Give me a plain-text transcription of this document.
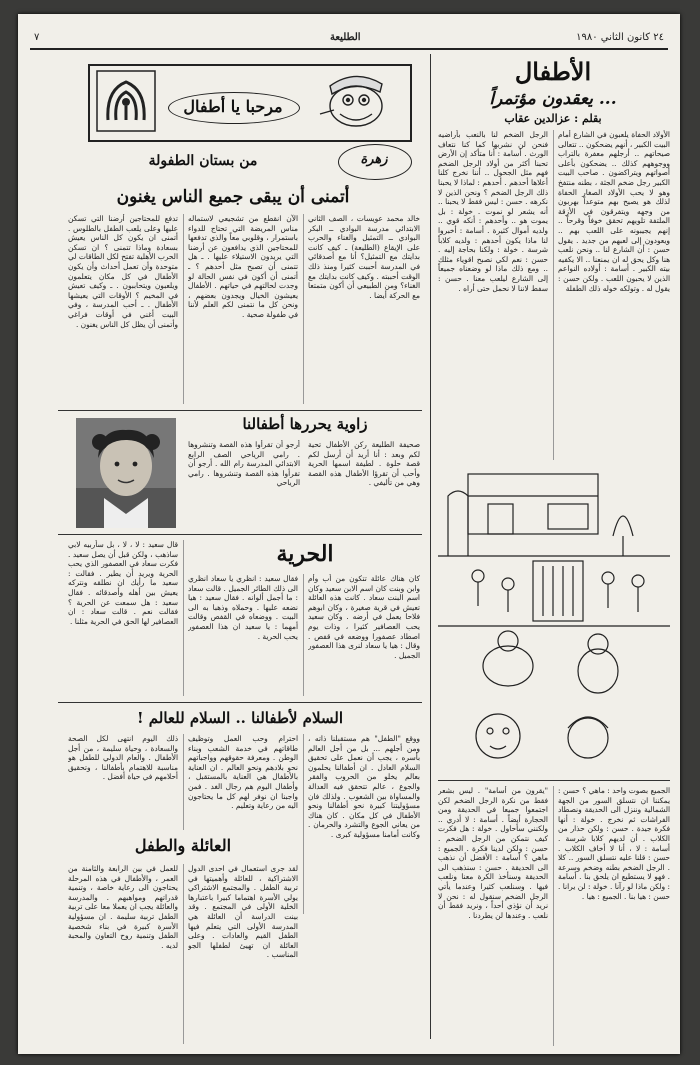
٢٤ كانون الثاني ١٩٨٠
الطليعة
٧
الأطفال
... يعقدون مؤتمراً
بقلم : عزالدين عقاب
الأولاد الحفاة يلعبون في الشارع أمام البيت الكبير ، أنهم يضحكون .. تتعالى صيحاتهم .. أرجلهم معفرة بالتراب ووجوههم كذلك .. يضحكون بأعلى أصواتهم ويتراكضون . صاحب البيت الكبير رجل ضخم الجثة ، بطنه منتفخ وهو لا يحب الأولاد الصغار الحفاة لذلك هو يصيح بهم متوعداً بهربون من وجهه ويتفرقون في الأزقة الملتفة تلويهم تحقق خوفاً وقرحاً .. إنهم يجيبونه على اللعب بهم .. ويعودون إلى لعبهم من جديد . يقول حسن : أن الشارع لنا .. ونحن نلعب هنا وكل يحق له ان يمنعنا .. الا يكفيه بيته الكبير . أسامة : أولاده النواعم الذين لا يحبون اللعب . ولكن حسن : يقول له . وتولكه خوله ذلك الطفلة
الرجل الضخم لنا بالنعب بأراضيه فنحن لن نشربها كما كنا نتعاف الورث . أسامة : أنا متأكد إن الأرض تحبنا أكثر من أولاد الرجل الضخم فهم مثل الجحول .. أننا نخرج كلنا أعلاها أحدهم . أحدهم : لماذا لا يحبنا ذلك الرجل الضخم ؟ ونحن الذين لا نكرهه . حسن : ليس فقط لا يحبنا .. أنه يشعر لو نموت . خولة : بل يموت هو .. وأحدهم : أنكه قوي .. ولديه أموال كثيرة . أسامة : أخبروا لنا ماذا يكون أحدهم : ولديه كلاباً شرسة . خولة : ولكنا بحاجة إليه . حسن : نعم لكي نصبح اقوياء مثلك .. ومع ذلك ماذا لو وضعناه جميعاً إلى الشارع ليلعب معنا . حسن : سفط لاننا لا نحمل حتى أراه .
الجميع بصوت واحد : ماهي ؟ حسن : يمكننا ان نتسلق السور من الجهة الشمالية وننزل الى الحديقة ونصطاد الفراشات ثم نخرج . خولة : أنها فكرة جيدة . حسن : ولكن حذار من الكلاب . أن لديهم كلابا شرسة . أسامة : لا ، أنا لا أخاف الكلاب . حسن : قلنا عليه نتسلق السور .. كلا . الرجل الضخم بطنه وضخم وسرعة . فهو لا يستطيع ان يلحق بنا . أسامة : ولكن ماذا لو رآنا . خولة : لن يرانا . حسن : هيا بنا . الجميع : هيا .
"يقرون من أسامة" . ليس بشعر فقط من نكرة الرجل الضخم لكن اجتمعوا جميعا في الحديقة ومن الحجارة أيضاً . أسامة : لا أدري .. ولكنني سأحاول . خولة : هل فكرت كيف نتمكن من الرجل الضخم . حسن : ولكن لدينا فكرة . الجميع : ماهي ؟ أسامة : الأفضل أن نذهب الى الحديقة . حسن : سنذهب الى الحديقة وسنأخذ الكرة معنا ونلعب فيها . وسنلعب كثيرا وعندما يأتي الرجل الضخم سنقول له : نحن لا نريد أن نؤذي أحداً ، ونريد فقط أن نلعب . وعندها لن يطردنا .
مرحبا يا أطفال
من بستان الطفولة	زهرة
أتمنى أن يبقى جميع الناس يغنون
خالد محمد عويسات ، الصف الثاني الابتدائي مدرسة البوادي ــ البكر البوادي ــ التمثيل والغناء والحرب على الإيقاع (الطليعة) ـ كيف كانت بدايتك مع التمثيل؟ أنا مع أصدقائي في المدرسة أحببت كثيرا ومنذ ذلك الوقت أحببته . وكيف كانت بدايتك مع الغناء؟ ومن الطبيعي أن أكون متمتعا مع الحركة أيضا .
الآن انقطع من تشجيعي لاستماله مناس المريضة التي تحتاج للدواء باستمرار ، وقلوبي معاً والذي تدفعها للمحتاجين الذي يدافعون عن أرضنا التي يريدون الاستيلاء عليها . ـ هل تتمنى أن تصبح مثل أحدهم ؟ ـ أتمنى أن أكون في نفس الحالة لو وجدت لحالتهم في حياتهم . الأطفال يعيشون الخيال ويجدون بعضهم ، ونحن كل ما نتمنى لكم العلم لأننا في طفولة صحية .
تدفع للمحتاجين أرضنا التي تسكن عليها وعلى يلعب الطفل بالطلوس . أتمنى ان يكون كل الناس يعيش بسعادة وماذا تتمنى ؟ ان تسكن الحرب الأهلية تفتح لكل الطاقات لي متوحدة وأن تعمل أحداث وأن يكون الأطفال في كل مكان يتعلمون ويلعبون ويتحاببون . ـ وكيف تعيش في المخيم ؟ الأوقات التي يعيشها الأطفال . ـ أحب المدرسة ، وفي البيت أغني في أوقات فراغي وأتمنى أن يظل كل الناس يغنون .
زاوية يحررها أطفالنا
صحيفة الطليعة ركن الأطفال تحية لكم وبعد : أنا أريد أن أرسل لكم قصة حلوة . لطيفة اسمها الحرية وأحب أن تقرؤا الأطفال هذه القصة وهي من تأليفي .
أرجو أن تقرأوا هذه القصة وتنشروها . رامي الرياحي الصف الرابع الابتدائي المدرسة رام الله . أرجو أن تقرأوا هذه القصة وتنشروها . رامي الرياحي
الحرية
كان هناك عائلة تتكون من أب وأم وابن وبنت كان اسم الابن سعيد وكان اسم البنت سعاد . كانت هذه العائلة تعيش في قرية صغيرة ، وكان ابوهم فلاحا يعمل في أرضه . وكان سعيد يحب العصافير كثيرا ، وذات يوم اصطاد عصفورا ووضعه في قفص . وقال : هيا يا سعاد لنرى هذا العصفور الجميل .
فقال سعيد : انظري يا سعاد انظري الى ذلك الطائر الجميل . قالت سعاد : ما أجمل ألوانه . فقال سعيد : هيا نضعه عليها . وحملاه وذهبا به الى البيت . ووضعاه في القفص وقالت أمهما : يا سعيد ان هذا العصفور يحب الحرية .
قال سعيد : لا ، لا ، بل سأربيه لابي ساذهب ، ولكن قبل أن يصل سعيد . فكرت سعاد في العصفور الذي يحب الحرية ويريد أن يطير . فقالت : سعيد ما رأيك ان نطلقه ونتركه يعيش بين أهله وأصدقائه . فقال سعيد : هل سمعت عن الحرية ؟ فقالت نعم . قالت سعاد : ان العصافير لها الحق في الحرية مثلنا .
السلام لأطفالنا .. السلام للعالم !
ووقع "الطفل" هم مستقبلنا ذاته ، ومن أجلهم ... بل من أجل العالم بأسره ، يجب أن نعمل على تحقيق السلام العادل . ان أطفالنا يحلمون بعالم يخلو من الحروب والفقر والجوع ، عالم تتحقق فيه العدالة والمساواة بين الشعوب . ولذلك فان مسؤوليتنا كبيرة نحو أطفالنا ونحو الأطفال في كل مكان . كان هناك من يعاني الجوع والتشرد والحرمان . وكانت أمامنا مسؤولية كبرى .
احترام وحب العمل وتوظيف طاقاتهم في خدمة الشعب وبناء الوطن . ومعرفة حقوقهم وواجباتهم نحو بلادهم ونحو العالم . ان العناية بالأطفال هي العناية بالمستقبل ، وأطفال اليوم هم رجال الغد . فمن واجبنا ان نوفر لهم كل ما يحتاجون اليه من رعاية وتعليم .
ذلك اليوم انتهى لكل الصحة والسعادة ، وحياة سليمة ، من أجل الأطفال . والعام الدولي للطفل هو مناسبة للاهتمام بأطفالنا ، وتحقيق أحلامهم في حياة أفضل .
العائلة والطفل
لقد جرى استعمال في احدى الدول الاشتراكية ، للعائلة وأهميتها في تربية الطفل . والمجتمع الاشتراكي يولي الأسرة اهتماما كبيرا باعتبارها الخلية الأولى في المجتمع . وقد بينت الدراسة أن العائلة هي المدرسة الأولى التي يتعلم فيها الطفل القيم والعادات . وعلى العائلة ان تهيئ لطفلها الجو المناسب .
للعمل في بين الرابعة والثامنة من العمر ، والأطفال في هذه المرحلة يحتاجون الى رعاية خاصة ، وتنمية قدراتهم ومواهبهم . والمدرسة والعائلة يجب ان يعملا معا على تربية الطفل تربية سليمة . ان مسؤولية الأسرة كبيرة في بناء شخصية الطفل وتنمية روح التعاون والمحبة لديه .
